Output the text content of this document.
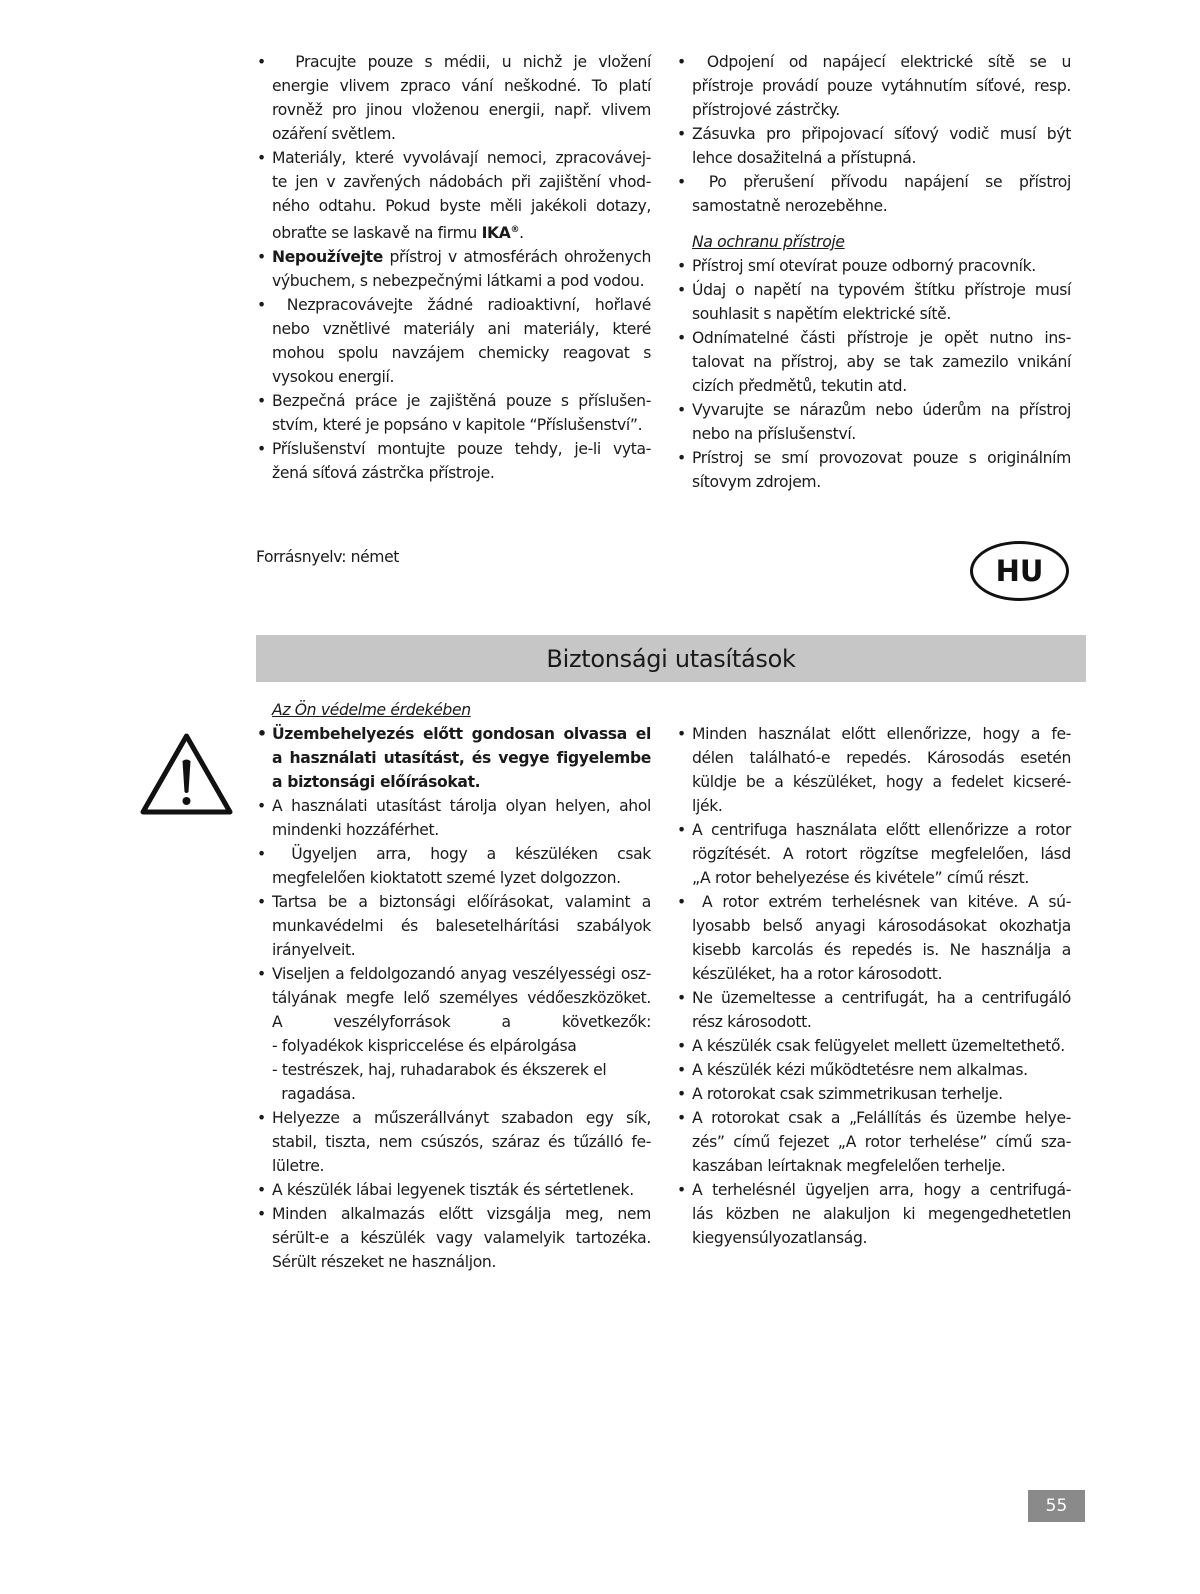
• Pracujte pouze s médii, u nichž je vložení
energie vlivem zpraco vání neškodné. To platí
rovněž pro jinou vloženou energii, např. vlivem
ozáření světlem.
• Materiály, které vyvolávají nemoci, zpracovávej-
te jen v zavřených nádobách při zajištění vhod-
ného odtahu. Pokud byste měli jakékoli dotazy,
obraťte se laskavě na firmu IKA®.
• Nepoužívejte přístroj v atmosférách ohroženych
výbuchem, s nebezpečnými látkami a pod vodou.
• Nezpracovávejte žádné radioaktivní, hořlavé
nebo vznětlivé materiály ani materiály, které
mohou spolu navzájem chemicky reagovat s
vysokou energií.
• Bezpečná práce je zajištěná pouze s příslušen-
stvím, které je popsáno v kapitole “Příslušenství”.
• Příslušenství montujte pouze tehdy, je-li vyta-
žená síťová zástrčka přístroje.
• Odpojení od napájecí elektrické sítě se u
přístroje provádí pouze vytáhnutím síťové, resp.
přístrojové zástrčky.
• Zásuvka pro připojovací síťový vodič musí být
lehce dosažitelná a přístupná.
• Po přerušení přívodu napájení se přístroj
samostatně nerozeběhne.
Na ochranu přístroje
• Přístroj smí otevírat pouze odborný pracovník.
• Údaj o napětí na typovém štítku přístroje musí
souhlasit s napětím elektrické sítě.
• Odnímatelné části přístroje je opět nutno ins-
talovat na přístroj, aby se tak zamezilo vnikání
cizích předmětů, tekutin atd.
• Vyvarujte se nárazům nebo úderům na přístroj
nebo na příslušenství.
• Prístroj se smí provozovat pouze s originálním
sítovym zdrojem.
Forrásnyelv: német	HU
Biztonsági utasítások
Az Ön védelme érdekében
• Üzembehelyezés előtt gondosan olvassa el
a használati utasítást, és vegye figyelembe
a biztonsági előírásokat.
• A használati utasítást tárolja olyan helyen, ahol
mindenki hozzáférhet.
• Ügyeljen arra, hogy a készüléken csak
megfelelően kioktatott szemé lyzet dolgozzon.
• Tartsa be a biztonsági előírásokat, valamint a
munkavédelmi és balesetelhárítási szabályok
irányelveit.
• Viseljen a feldolgozandó anyag veszélyességi osz-
tályának megfe lelő személyes védőeszközöket.
A veszélyforrások a következők:
- folyadékok kispriccelése és elpárolgása
- testrészek, haj, ruhadarabok és ékszerek el
ragadása.
• Helyezze a műszerállványt szabadon egy sík,
stabil, tiszta, nem csúszós, száraz és tűzálló fe-
lületre.
• A készülék lábai legyenek tiszták és sértetlenek.
• Minden alkalmazás előtt vizsgálja meg, nem
sérült-e a készülék vagy valamelyik tartozéka.
Sérült részeket ne használjon.
• Minden használat előtt ellenőrizze, hogy a fe-
délen található-e repedés. Károsodás esetén
küldje be a készüléket, hogy a fedelet kicseré-
ljék.
• A centrifuga használata előtt ellenőrizze a rotor
rögzítését. A rotort rögzítse megfelelően, lásd
„A rotor behelyezése és kivétele” című részt.
• A rotor extrém terhelésnek van kitéve. A sú-
lyosabb belső anyagi károsodásokat okozhatja
kisebb karcolás és repedés is. Ne használja a
készüléket, ha a rotor károsodott.
• Ne üzemeltesse a centrifugát, ha a centrifugáló
rész károsodott.
• A készülék csak felügyelet mellett üzemeltethető.
• A készülék kézi működtetésre nem alkalmas.
• A rotorokat csak szimmetrikusan terhelje.
• A rotorokat csak a „Felállítás és üzembe helye-
zés” című fejezet „A rotor terhelése” című sza-
kaszában leírtaknak megfelelően terhelje.
• A terhelésnél ügyeljen arra, hogy a centrifugá-
lás közben ne alakuljon ki megengedhetetlen
kiegyensúlyozatlanság.
55
